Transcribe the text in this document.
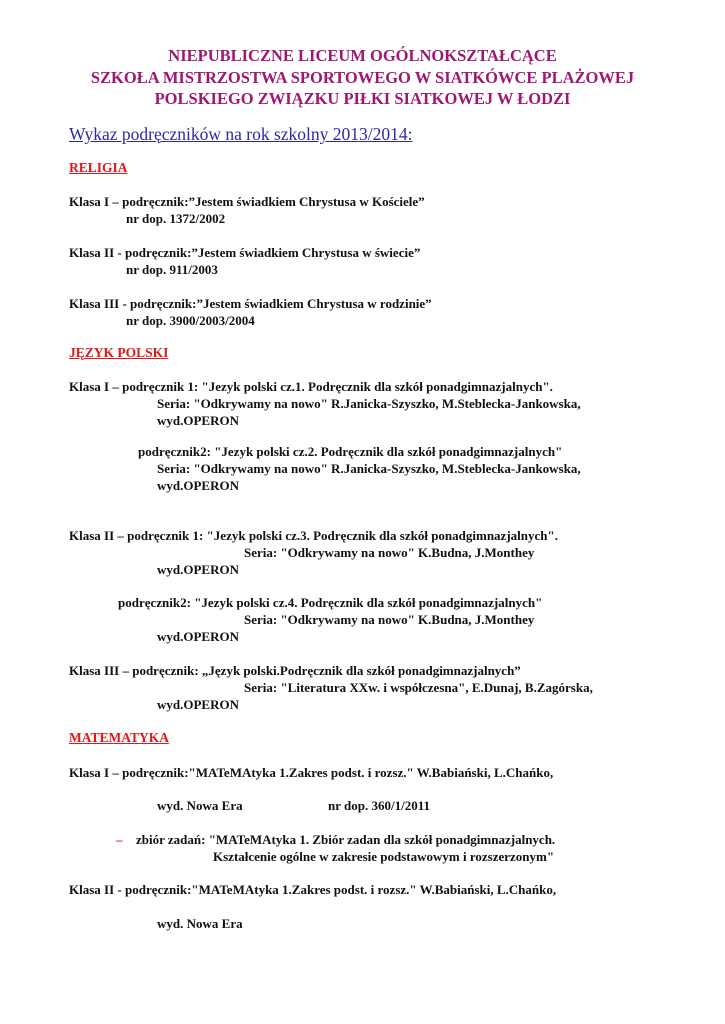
NIEPUBLICZNE LICEUM OGÓLNOKSZTAŁCĄCE
SZKOŁA MISTRZOSTWA SPORTOWEGO W SIATKÓWCE PLAŻOWEJ
POLSKIEGO ZWIĄZKU PIŁKI SIATKOWEJ W ŁODZI
Wykaz podręczników na rok szkolny 2013/2014:
RELIGIA
Klasa I – podręcznik:”Jestem świadkiem Chrystusa w Kościele”
nr dop. 1372/2002
Klasa II - podręcznik:”Jestem świadkiem Chrystusa w świecie”
nr dop. 911/2003
Klasa III - podręcznik:”Jestem świadkiem Chrystusa w rodzinie”
nr dop. 3900/2003/2004
JĘZYK POLSKI
Klasa I – podręcznik 1: "Jezyk polski cz.1. Podręcznik dla szkół ponadgimnazjalnych".
Seria: "Odkrywamy na nowo" R.Janicka-Szyszko, M.Steblecka-Jankowska,
wyd.OPERON
podręcznik2: "Jezyk polski cz.2. Podręcznik dla szkół ponadgimnazjalnych"
Seria: "Odkrywamy na nowo" R.Janicka-Szyszko, M.Steblecka-Jankowska,
wyd.OPERON
Klasa II – podręcznik 1: "Jezyk polski cz.3. Podręcznik dla szkół ponadgimnazjalnych".
Seria: "Odkrywamy na nowo" K.Budna, J.Monthey
wyd.OPERON
podręcznik2: "Jezyk polski cz.4. Podręcznik dla szkół ponadgimnazjalnych"
Seria: "Odkrywamy na nowo" K.Budna, J.Monthey
wyd.OPERON
Klasa III – podręcznik: „Język polski.Podręcznik dla szkół ponadgimnazjalnych”
Seria: "Literatura XXw. i współczesna", E.Dunaj, B.Zagórska,
wyd.OPERON
MATEMATYKA
Klasa I – podręcznik:"MATeMAtyka 1.Zakres podst. i rozsz." W.Babiański, L.Chańko,
wyd. Nowa Era	nr dop. 360/1/2011
– zbiór zadań: "MATeMAtyka 1. Zbiór zadan dla szkół ponadgimnazjalnych.
Kształcenie ogólne w zakresie podstawowym i rozszerzonym"
Klasa II - podręcznik:"MATeMAtyka 1.Zakres podst. i rozsz." W.Babiański, L.Chańko,
wyd. Nowa Era
